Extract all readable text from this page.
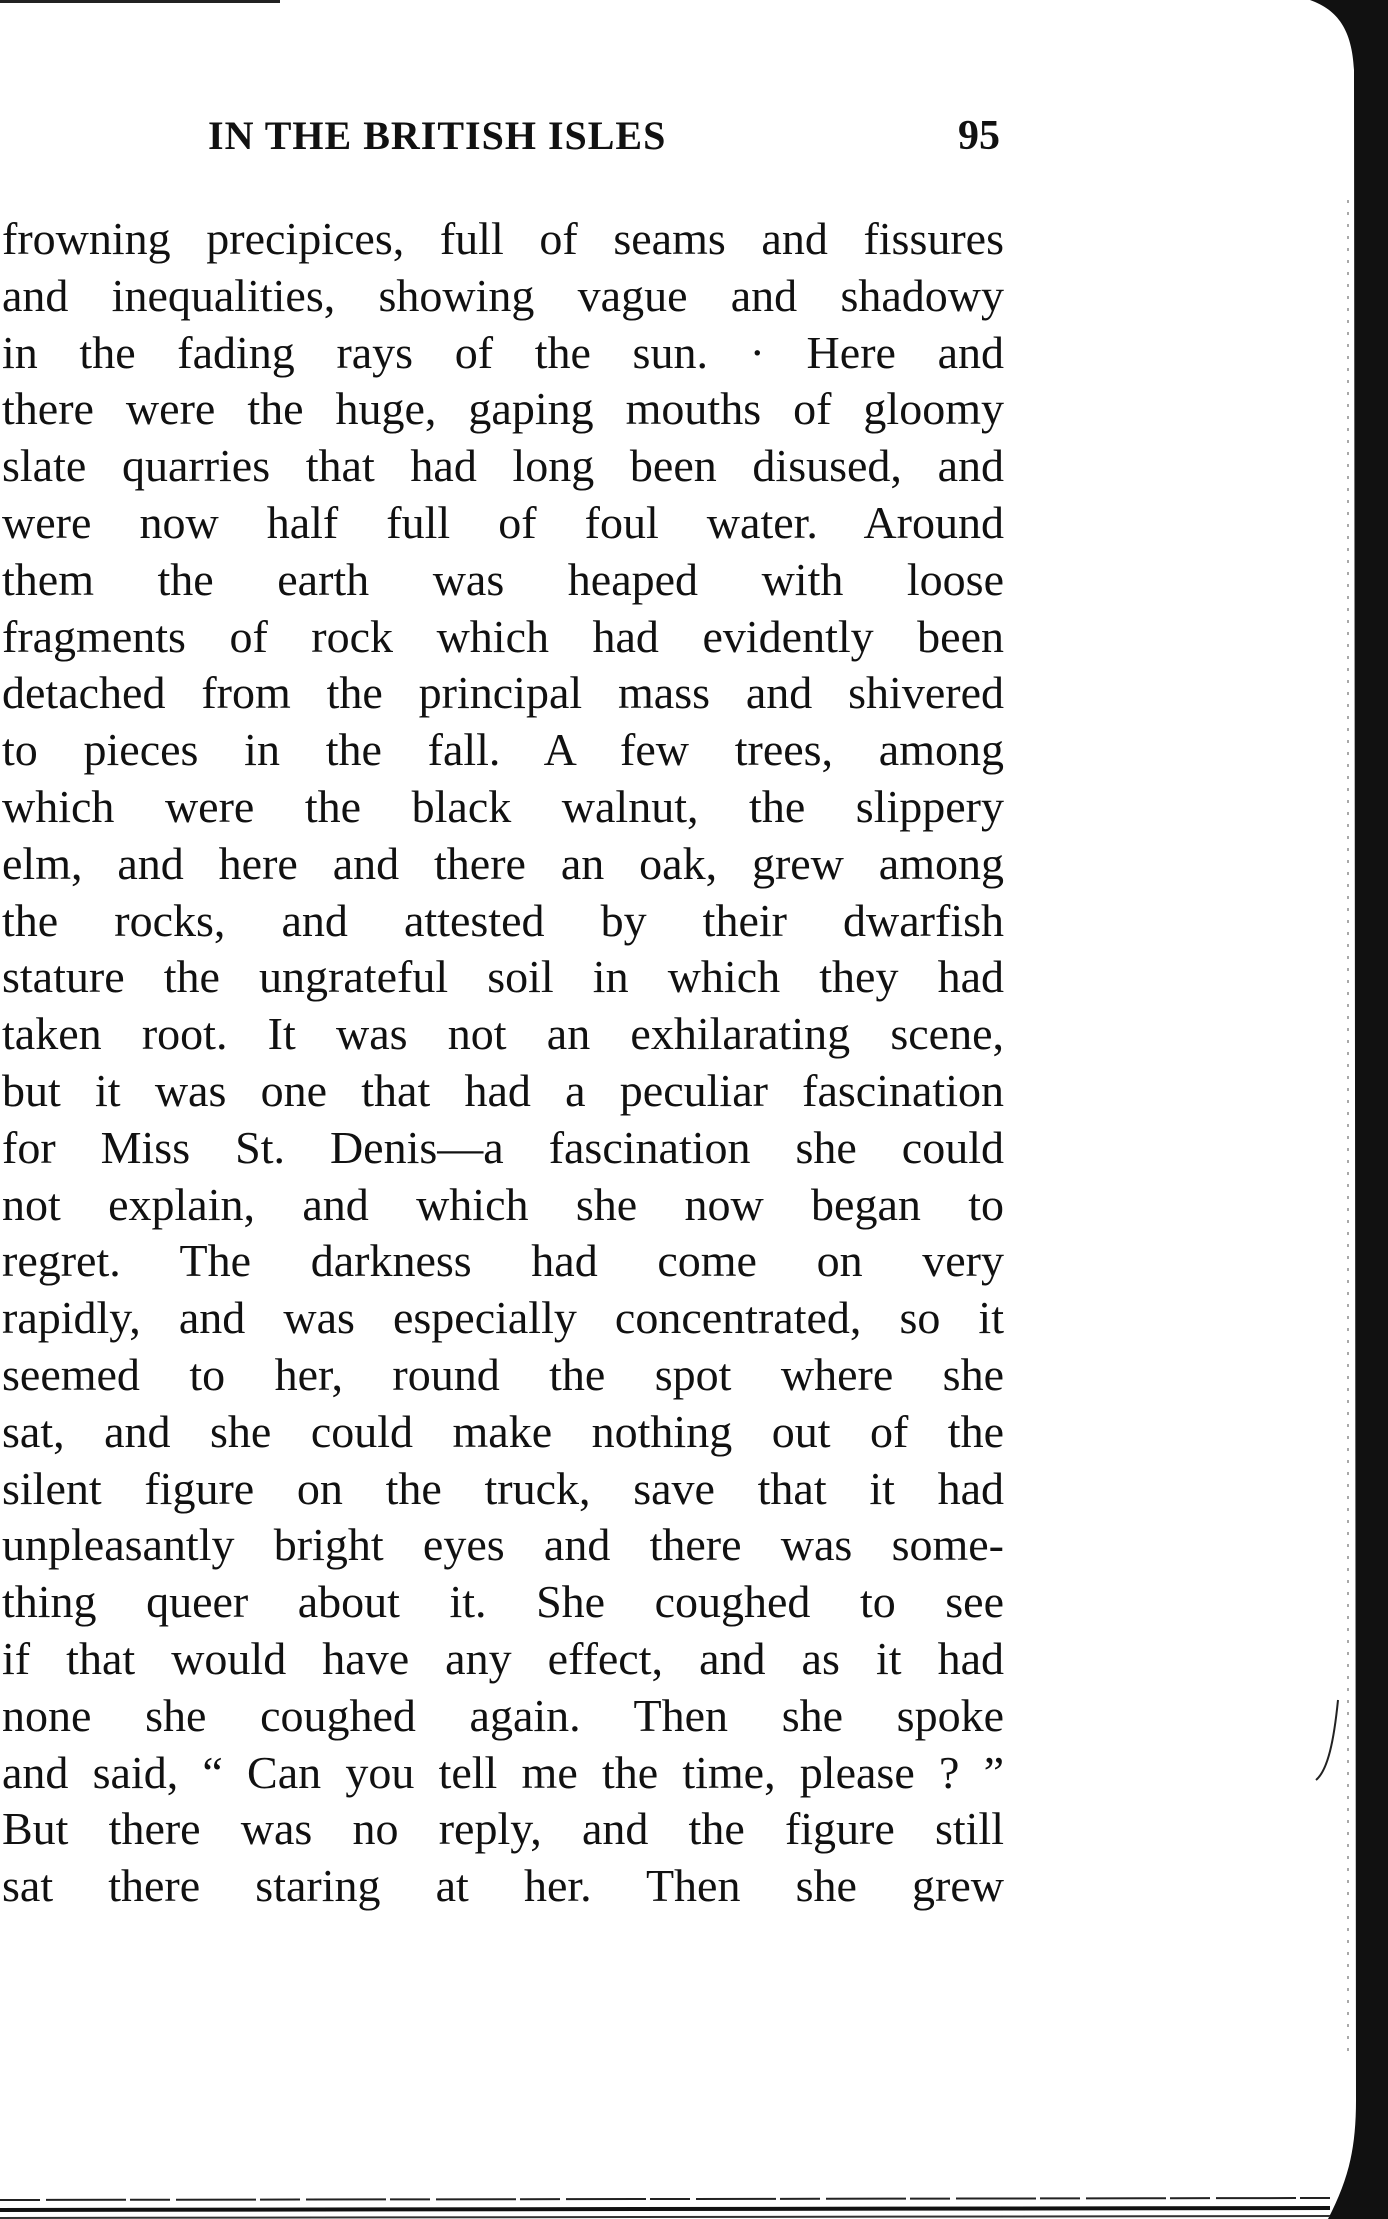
IN THE BRITISH ISLES	95
frowning precipices, full of seams and fissures
and inequalities, showing vague and shadowy
in the fading rays of the sun. · Here and
there were the huge, gaping mouths of gloomy
slate quarries that had long been disused, and
were now half full of foul water. Around
them the earth was heaped with loose
fragments of rock which had evidently been
detached from the principal mass and shivered
to pieces in the fall. A few trees, among
which were the black walnut, the slippery
elm, and here and there an oak, grew among
the rocks, and attested by their dwarfish
stature the ungrateful soil in which they had
taken root. It was not an exhilarating scene,
but it was one that had a peculiar fascination
for Miss St. Denis—a fascination she could
not explain, and which she now began to
regret. The darkness had come on very
rapidly, and was especially concentrated, so it
seemed to her, round the spot where she
sat, and she could make nothing out of the
silent figure on the truck, save that it had
unpleasantly bright eyes and there was some-
thing queer about it. She coughed to see
if that would have any effect, and as it had
none she coughed again. Then she spoke
and said, “ Can you tell me the time, please ? ”
But there was no reply, and the figure still
sat there staring at her. Then she grew
